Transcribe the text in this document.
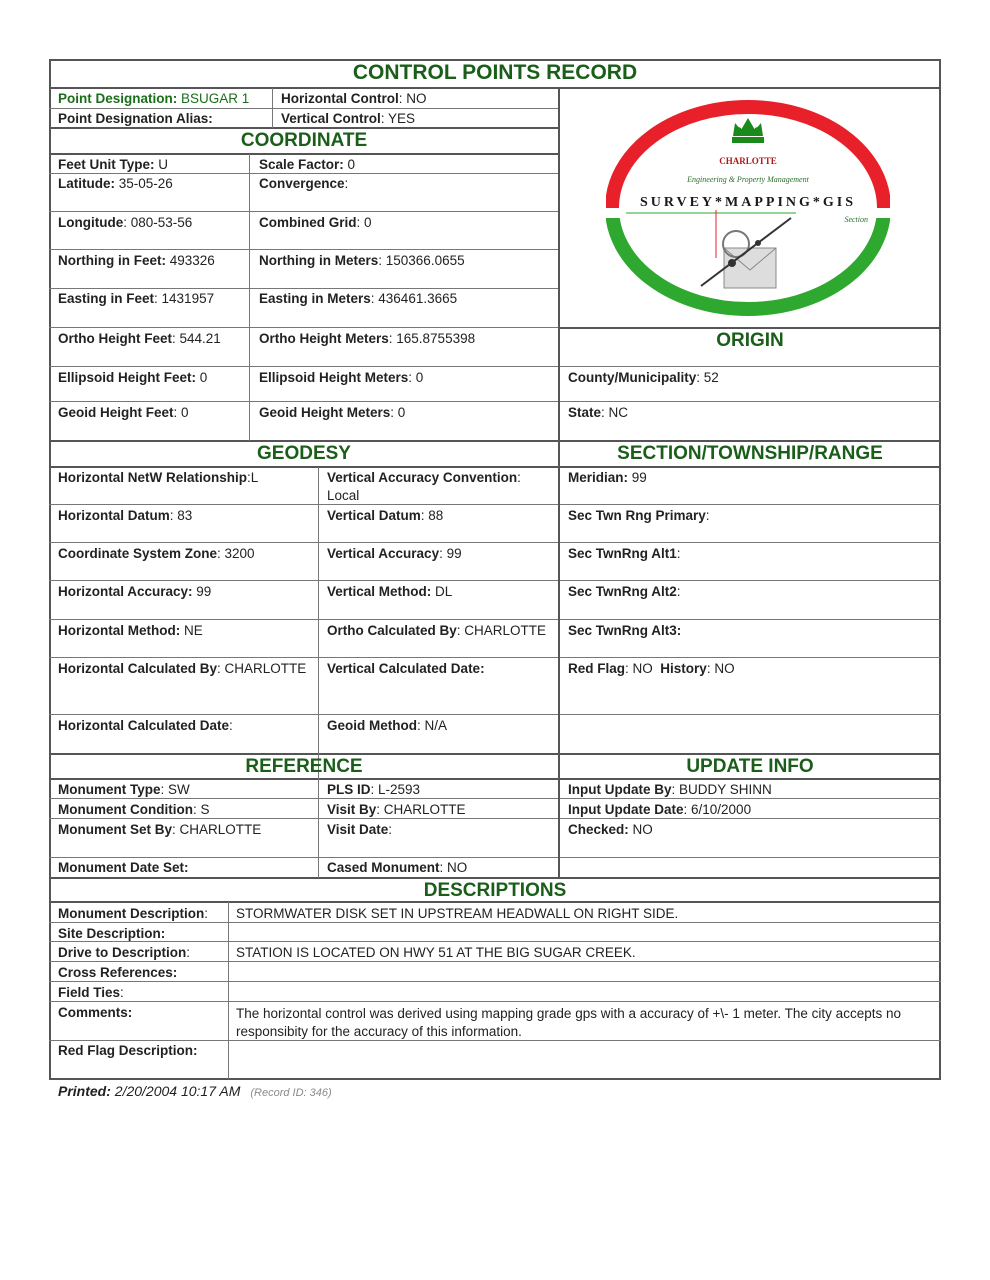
CONTROL POINTS RECORD
Point Designation: BSUGAR 1 Horizontal Control: NO
Point Designation Alias:	Vertical Control: YES
CHARLOTTE
Engineering & Property Management
SURVEY*MAPPING*GIS
Section
COORDINATE
Feet Unit Type: U	Scale Factor: 0
Latitude: 35-05-26	Convergence:
Longitude: 080-53-56	Combined Grid: 0
Northing in Feet: 493326	Northing in Meters: 150366.0655
Easting in Feet: 1431957	Easting in Meters: 436461.3665
Ortho Height Feet: 544.21	Ortho Height Meters: 165.8755398
Ellipsoid Height Feet: 0	Ellipsoid Height Meters: 0
Geoid Height Feet: 0	Geoid Height Meters: 0
ORIGIN
County/Municipality: 52
State: NC
GEODESY
Horizontal NetW Relationship:L	Vertical Accuracy Convention:
Local
Horizontal Datum: 83	Vertical Datum: 88
Coordinate System Zone: 3200	Vertical Accuracy: 99
Horizontal Accuracy: 99	Vertical Method: DL
Horizontal Method: NE	Ortho Calculated By: CHARLOTTE
Horizontal Calculated By: CHARLOTTE Vertical Calculated Date:
Horizontal Calculated Date:	Geoid Method: N/A
SECTION/TOWNSHIP/RANGE
Meridian: 99
Sec Twn Rng Primary:
Sec TwnRng Alt1:
Sec TwnRng Alt2:
Sec TwnRng Alt3:
Red Flag: NO History: NO
REFERENCE
Monument Type: SW	PLS ID: L-2593
Monument Condition: S	Visit By: CHARLOTTE
Monument Set By: CHARLOTTE	Visit Date:
Monument Date Set:	Cased Monument: NO
UPDATE INFO
Input Update By: BUDDY SHINN
Input Update Date: 6/10/2000
Checked: NO
DESCRIPTIONS
Monument Description: STORMWATER DISK SET IN UPSTREAM HEADWALL ON RIGHT SIDE.
Site Description:
Drive to Description:	STATION IS LOCATED ON HWY 51 AT THE BIG SUGAR CREEK.
Cross References:
Field Ties:
Comments:	The horizontal control was derived using mapping grade gps with a accuracy of +\- 1 meter. The city accepts no responsibity for the accuracy of this information.
Red Flag Description:
Printed: 2/20/2004 10:17 AM (Record ID: 346)
